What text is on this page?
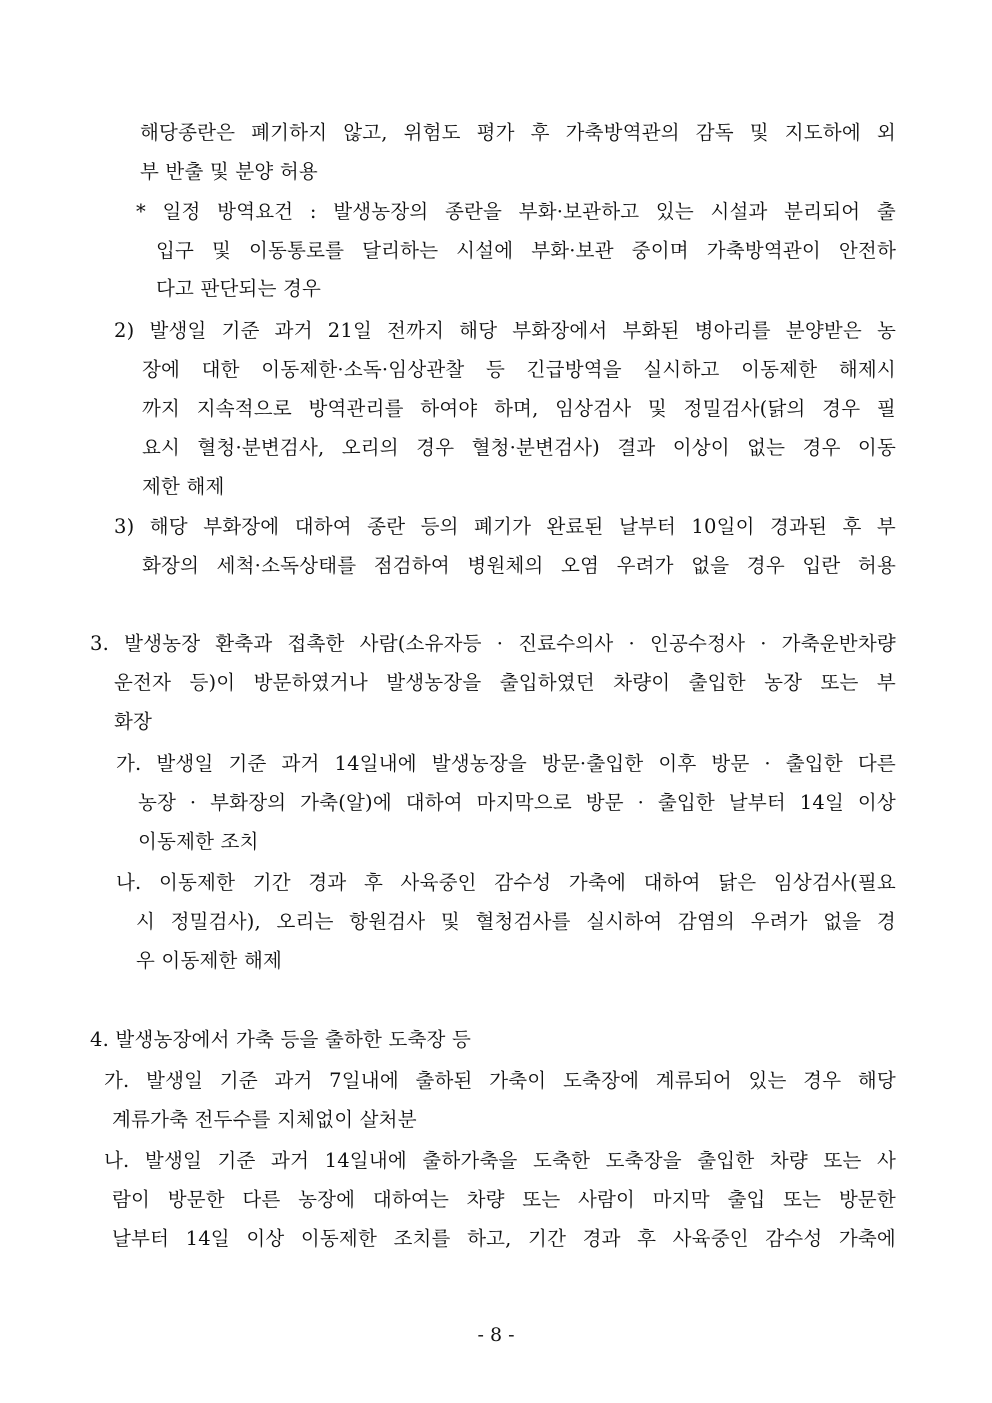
해당종란은 폐기하지 않고, 위험도 평가 후 가축방역관의 감독 및 지도하에 외

부 반출 및 분양 허용

* 일정 방역요건 : 발생농장의 종란을 부화·보관하고 있는 시설과 분리되어 출

입구 및 이동통로를 달리하는 시설에 부화·보관 중이며 가축방역관이 안전하

다고 판단되는 경우

2) 발생일 기준 과거 21일 전까지 해당 부화장에서 부화된 병아리를 분양받은 농

장에 대한 이동제한·소독·임상관찰 등 긴급방역을 실시하고 이동제한 해제시

까지 지속적으로 방역관리를 하여야 하며, 임상검사 및 정밀검사(닭의 경우 필

요시 혈청·분변검사, 오리의 경우 혈청·분변검사) 결과 이상이 없는 경우 이동

제한 해제

3) 해당 부화장에 대하여 종란 등의 폐기가 완료된 날부터 10일이 경과된 후 부

화장의 세척·소독상태를 점검하여 병원체의 오염 우려가 없을 경우 입란 허용

3. 발생농장 환축과 접촉한 사람(소유자등 · 진료수의사 · 인공수정사 · 가축운반차량

운전자 등)이 방문하였거나 발생농장을 출입하였던 차량이 출입한 농장 또는 부

화장

가. 발생일 기준 과거 14일내에 발생농장을 방문·출입한 이후 방문 · 출입한 다른

농장 · 부화장의 가축(알)에 대하여 마지막으로 방문 · 출입한 날부터 14일 이상

이동제한 조치

나. 이동제한 기간 경과 후 사육중인 감수성 가축에 대하여 닭은 임상검사(필요

시 정밀검사), 오리는 항원검사 및 혈청검사를 실시하여 감염의 우려가 없을 경

우 이동제한 해제

4. 발생농장에서 가축 등을 출하한 도축장 등

가. 발생일 기준 과거 7일내에 출하된 가축이 도축장에 계류되어 있는 경우 해당

계류가축 전두수를 지체없이 살처분

나. 발생일 기준 과거 14일내에 출하가축을 도축한 도축장을 출입한 차량 또는 사

람이 방문한 다른 농장에 대하여는 차량 또는 사람이 마지막 출입 또는 방문한

날부터 14일 이상 이동제한 조치를 하고, 기간 경과 후 사육중인 감수성 가축에

- 8 -
